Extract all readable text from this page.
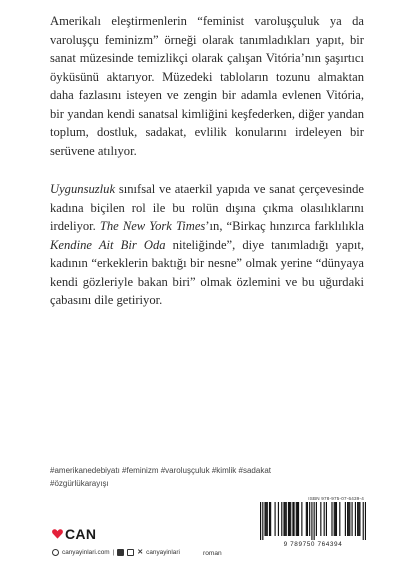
Amerikalı eleştirmenlerin “feminist varoluşçuluk ya da varoluşçu feminizm” örneği olarak tanımladıkları yapıt, bir sanat müzesinde temizlikçi olarak çalışan Vitória’nın şaşırtıcı öyküsünü aktarıyor. Müzedeki tabloların tozunu almaktan daha fazlasını isteyen ve zengin bir adamla evlenen Vitória, bir yandan kendi sanatsal kimliğini keşfederken, diğer yandan toplum, dostluk, sadakat, evlilik konularını irdeleyen bir serüvene atılıyor.

Uygunsuzluk sınıfsal ve ataerkil yapıda ve sanat çerçevesinde kadına biçilen rol ile bu rolün dışına çıkma olasılıklarını irdeliyor. The New York Times’ın, “Birkaç hınzırca farklılıkla Kendine Ait Bir Oda niteliğinde”, diye tanımladığı yapıt, kadının “erkeklerin baktığı bir nesne” olmak yerine “dünyaya kendi gözleriyle bakan biri” olmak özlemini ve bu uğurdaki çabasını dile getiriyor.

#amerikanedebiyatı #feminizm #varoluşçuluk #kimlik #sadakat
#özgürlükarayışı
ISBN 978-975-07-6439-4
9 789750 764394
CAN
roman
canyayinlari.com |	✕ canyayinlari
